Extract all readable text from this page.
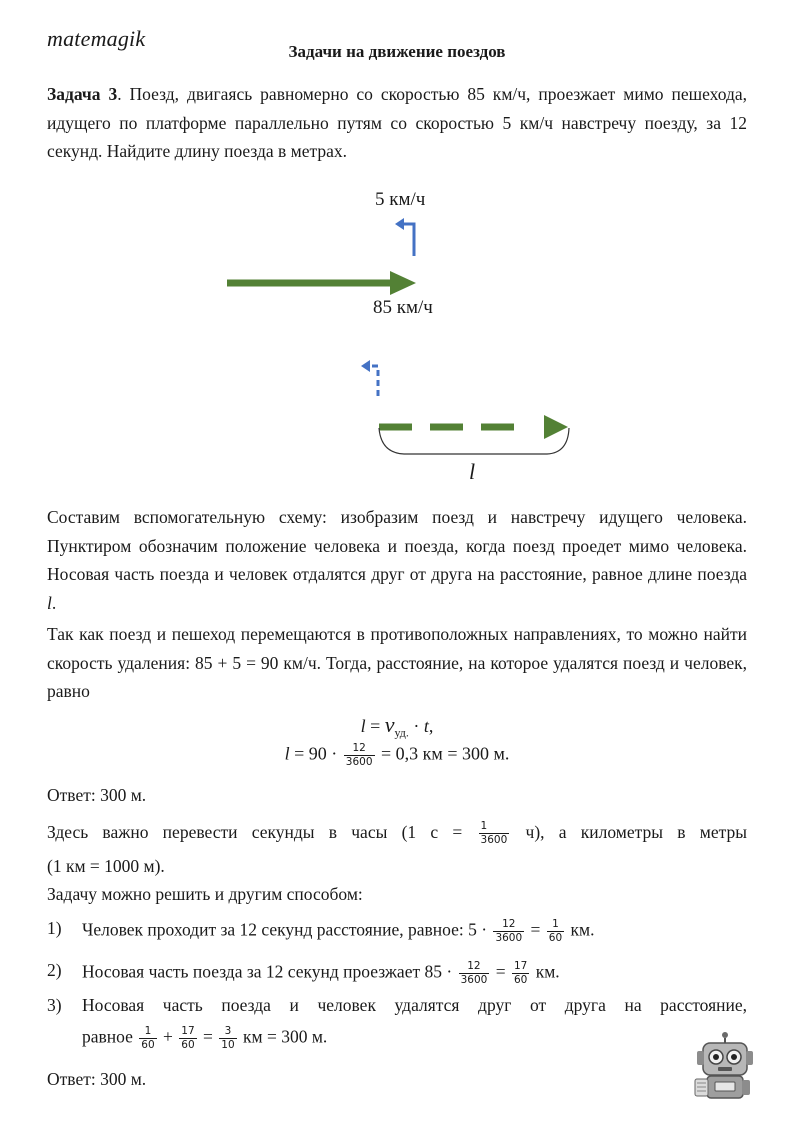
matemagik
Задачи на движение поездов
Задача 3. Поезд, двигаясь равномерно со скоростью 85 км/ч, проезжает мимо пешехода, идущего по платформе параллельно путям со скоростью 5 км/ч навстречу поезду, за 12 секунд. Найдите длину поезда в метрах.
5 км/ч
85 км/ч
l
Составим вспомогательную схему: изобразим поезд и навстречу идущего человека. Пунктиром обозначим положение человека и поезда, когда поезд проедет мимо человека. Носовая часть поезда и человек отдалятся друг от друга на расстояние, равное длине поезда l.
Так как поезд и пешеход перемещаются в противоположных направлениях, то можно найти скорость удаления: 85 + 5 = 90 км/ч. Тогда, расстояние, на которое удалятся поезд и человек, равно
$l = v_{уд.} \cdot t$,
$l = 90 \cdot \frac{12}{3600} = 0,3$ км = 300 м.
Ответ: 300 м.
Здесь важно перевести секунды в часы (1 $с = \frac{1}{3600} ч$), а километры в метры
(1 км = 1000 м).
Задачу можно решить и другим способом:
1) Человек проходит за 12 секунд расстояние, равное: $5 \cdot \frac{12}{3600} = \frac{1}{60}$ км.
2) Носовая часть поезда за 12 секунд проезжает $85 \cdot \frac{12}{3600} = \frac{17}{60}$ км.
3) Носовая часть поезда и человек удалятся друг от друга на расстояние,
равное $\frac{1}{60} + \frac{17}{60} = \frac{3}{10}$ км = 300 м.
Ответ: 300 м.
